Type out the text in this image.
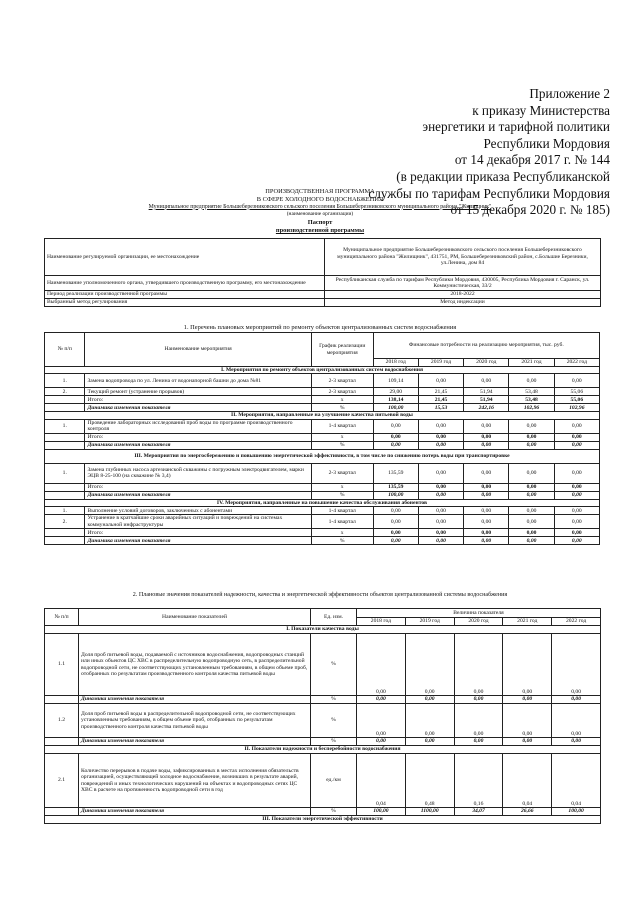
Приложение 2
к приказу Министерства
энергетики и тарифной политики
Республики Мордовия
от 14 декабря 2017 г. № 144
(в редакции приказа Республиканской
службы по тарифам Республики Мордовия
от 15 декабря 2020 г. № 185)
ПРОИЗВОДСТВЕННАЯ ПРОГРАММА
В СФЕРЕ ХОЛОДНОГО ВОДОСНАБЖЕНИЯ
Муниципальное предприятие Большеберезниковского сельского поселения Большеберезниковского муниципального района "Жилищник"
(наименование организации)
Паспорт
производственной программы
Наименование регулируемой организации, ее местонахождение	Муниципальное предприятие Большеберезниковского сельского поселения Большеберезниковского муниципального района "Жилищник", 431751, РМ, Большеберезниковский район, с.Большие Березники, ул.Ленина, дом 84
Наименование уполномоченного органа, утвердившего производственную программу, его местонахождение	Республиканская служба по тарифам Республики Мордовия, 430005, Республика Мордовия г. Саранск, ул. Коммунистическая, 33/2
Период реализации производственной программы	2018-2022
Выбранный метод регулирования	Метод индексации
1. Перечень плановых мероприятий по ремонту объектов централизованных систем водоснабжения
№ п/п	Наименование мероприятия	График реализации мероприятия	Финансовые потребности на реализацию мероприятия, тыс. руб.				
			2018 год	2019 год	2020 год	2021 год	2022 год
I. Мероприятия по ремонту объектов централизованных систем водоснабжения							
1.	Замена водопровода по ул. Ленина от водонапорной башни до дома №81	2-3 квартал	109,14	0,00	0,00	0,00	0,00
2.	Текущий ремонт (устранение прорывов)	2-3 квартал	29,00	21,45	51,94	53,48	55,06
	Итого:	х	138,14	21,45	51,94	53,48	55,06
	Динамика изменения показателя	%	100,00	15,53	242,16	102,96	102,96
II. Мероприятия, направленные на улучшение качества питьевой воды							
1.	Проведение лабораторных исследований проб воды по программе производственного контроля	1-4 квартал	0,00	0,00	0,00	0,00	0,00
	Итого:	х	0,00	0,00	0,00	0,00	0,00
	Динамика изменения показателя	%	0,00	0,00	0,00	0,00	0,00
III. Мероприятия по энергосбережению и повышению энергетической эффективности, в том числе по снижению потерь воды при транспортировке							
1.	Замена глубинных насоса артезианской скважины с погружным электродвигателем, марки ЭЦВ 8-25-100 (на скважине № 3,4)	2-3 квартал	135,59	0,00	0,00	0,00	0,00
	Итого:	х	135,59	0,00	0,00	0,00	0,00
	Динамика изменения показателя	%	100,00	0,00	0,00	0,00	0,00
IV. Мероприятия, направленные на повышение качества обслуживания абонентов							
1.	Выполнение условий договоров, заключенных с абонентами	1-4 квартал	0,00	0,00	0,00	0,00	0,00
2.	Устранение в кратчайшие сроки аварийных ситуаций и повреждений на системах коммунальной инфраструктуры	1-4 квартал	0,00	0,00	0,00	0,00	0,00
	Итого:	х	0,00	0,00	0,00	0,00	0,00
	Динамика изменения показателя	%	0,00	0,00	0,00	0,00	0,00
2. Плановые значения показателей надежности, качества и энергетической эффективности объектов централизованной системы водоснабжения
№ п/п	Наименование показателей	Ед. изм.	Величина показателя				
			2018 год	2019 год	2020 год	2021 год	2022 год
I. Показатели качества воды							
1.1	Доля проб питьевой воды, подаваемой с источников водоснабжения, водопроводных станций или иных объектов ЦС ХВС в распределительную водопроводную сеть, в распределительной водопроводной сети, не соответствующих установленным требованиям, в общем объеме проб, отобранных по результатам производственного контроля качества питьевой воды	%	0,00	0,00	0,00	0,00	0,00
	Динамика изменения показателя	%	0,00	0,00	0,00	0,00	0,00
1.2	Доля проб питьевой воды в распределительной водопроводной сети, не соответствующих установленным требованиям, в общем объеме проб, отобранных по результатам производственного контроля качества питьевой воды	%	0,00	0,00	0,00	0,00	0,00
	Динамика изменения показателя	%	0,00	0,00	0,00	0,00	0,00
II. Показатели надежности и бесперебойности водоснабжения							
2.1	Количество перерывов в подаче воды, зафиксированных в местах исполнения обязательств организацией, осуществляющей холодное водоснабжение, возникших в результате аварий, повреждений и иных технологических нарушений на объектах и водопроводных сетях ЦС ХВС в расчете на протяженность водопроводной сети в год	ед./км	0,04	0,48	0,16	0,04	0,04
	Динамика изменения показателя	%	100,00	1100,00	34,07	26,66	100,00
III. Показатели энергетической эффективности							
